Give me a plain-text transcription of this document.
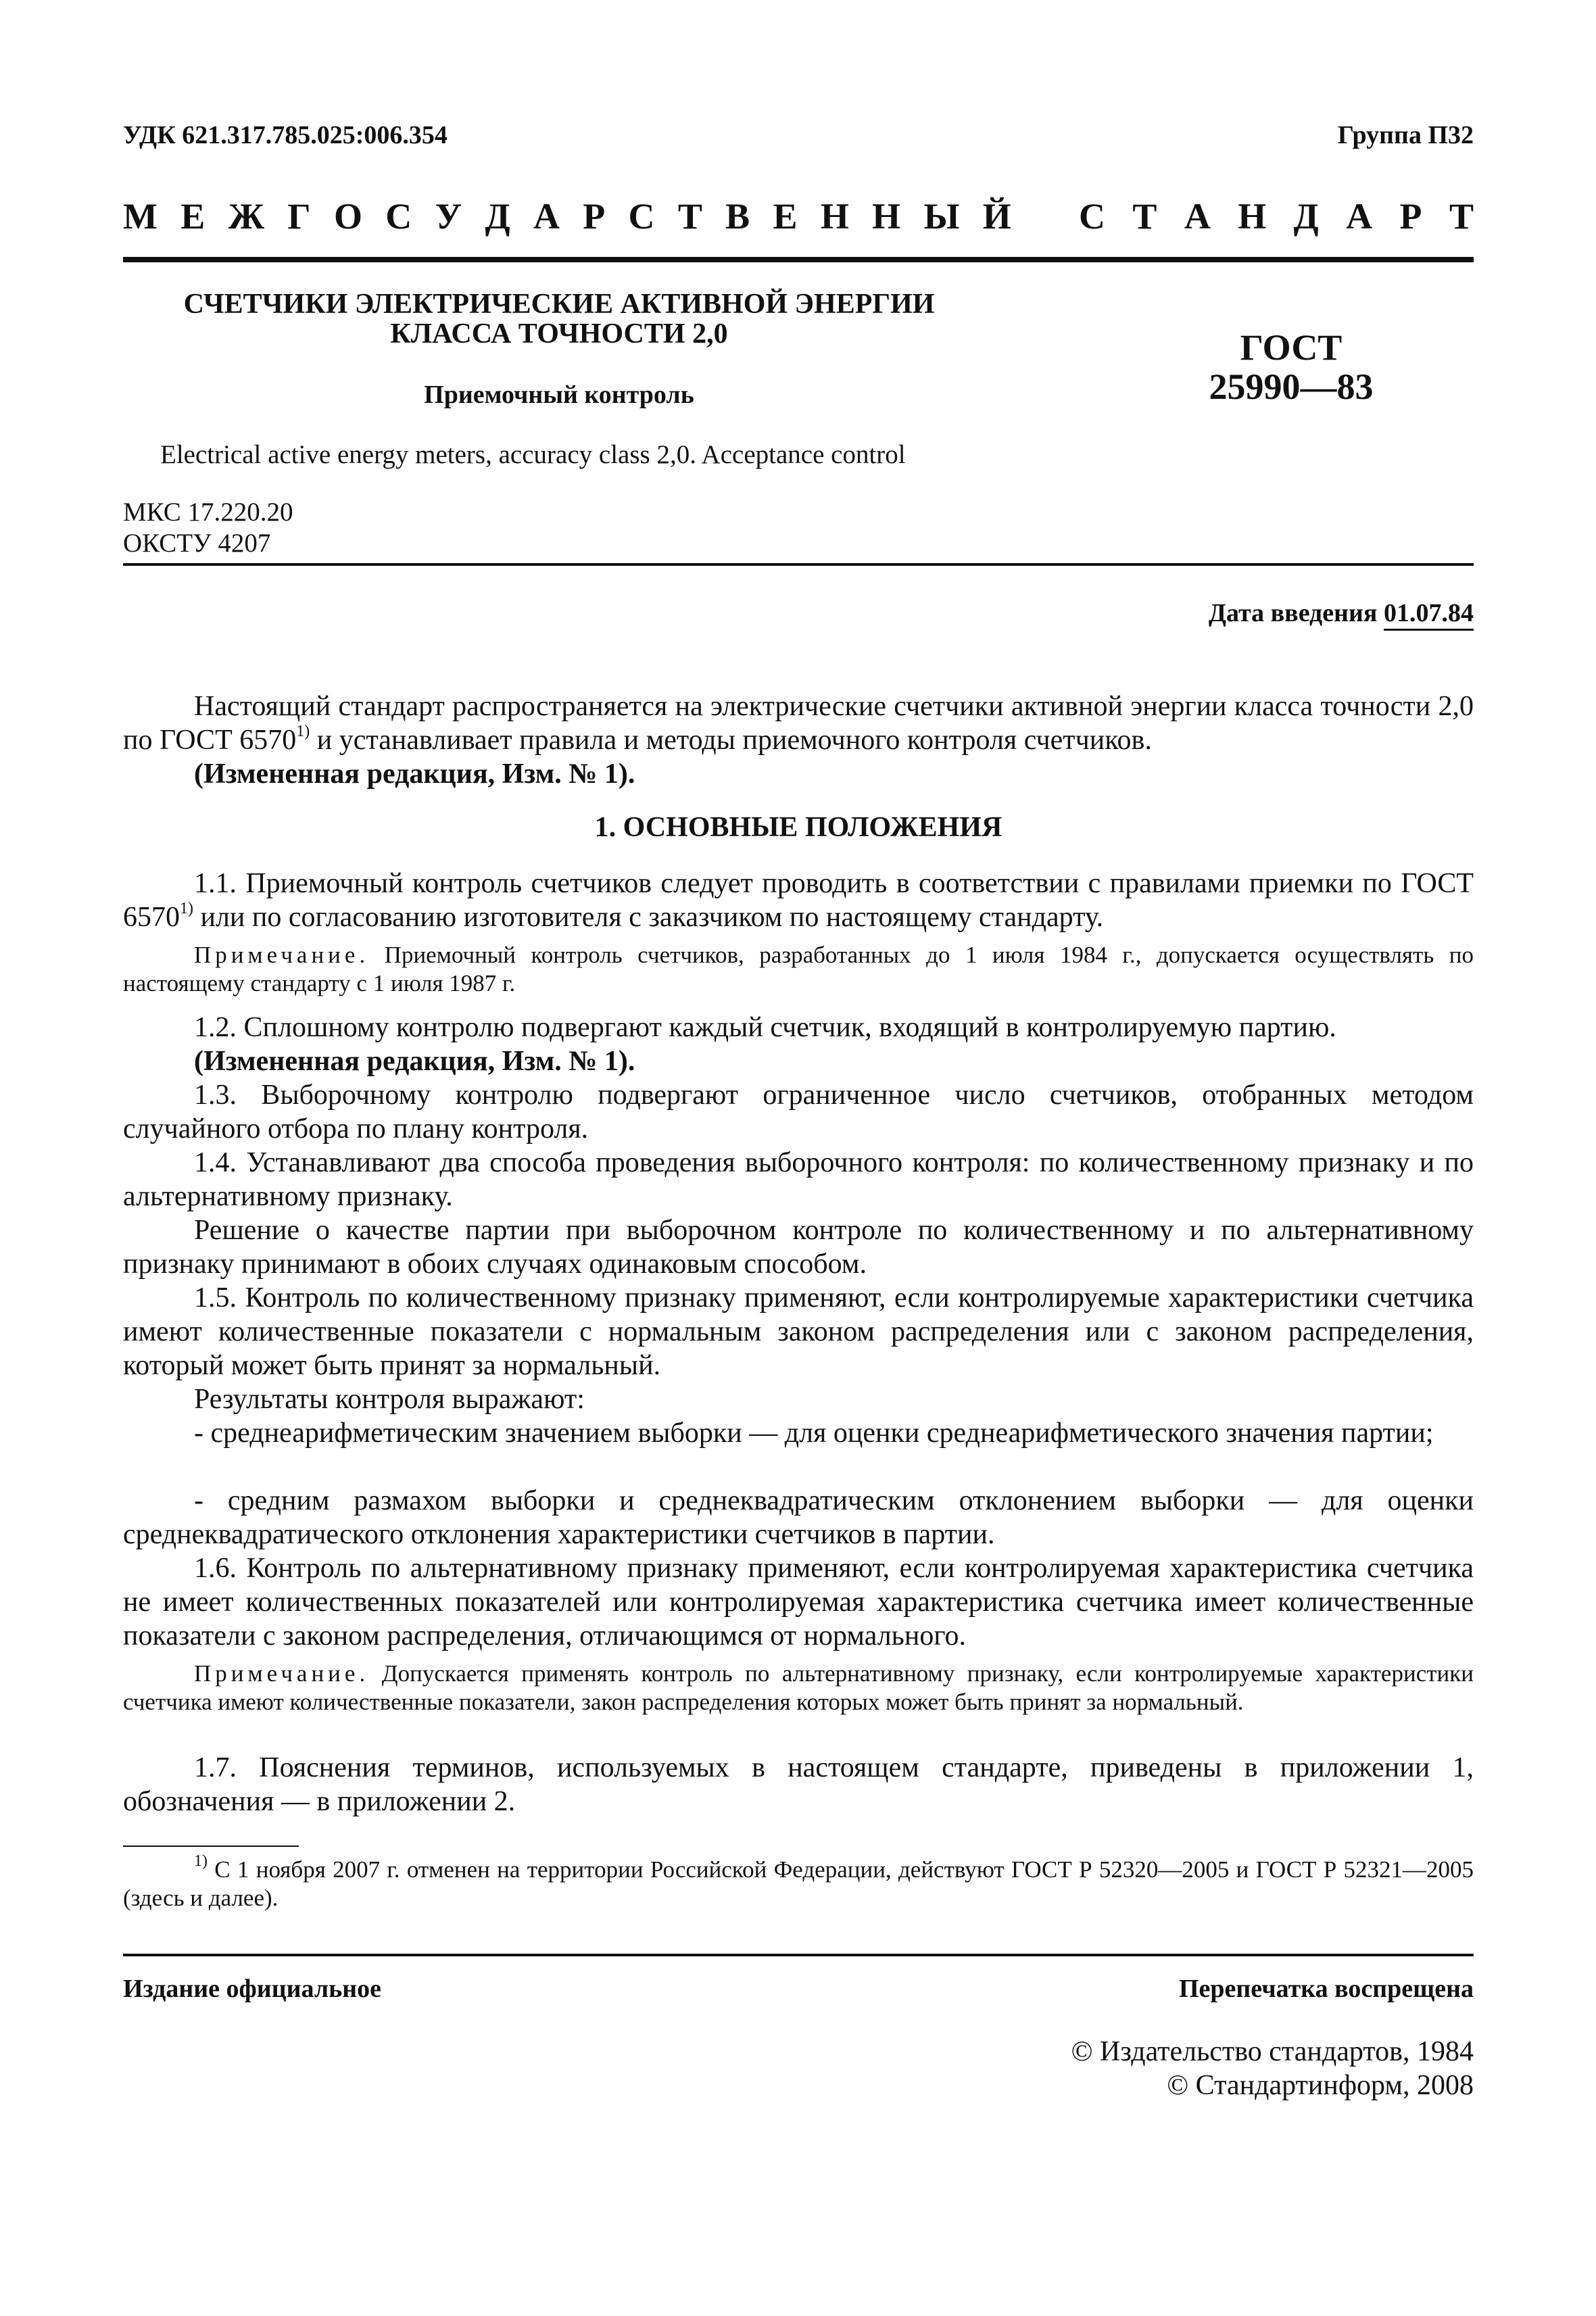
УДК 621.317.785.025:006.354	Группа П32
М Е Ж Г О С У Д А Р С Т В Е Н Н Ы Й С Т А Н Д А Р Т
СЧЕТЧИКИ ЭЛЕКТРИЧЕСКИЕ АКТИВНОЙ ЭНЕРГИИ
КЛАССА ТОЧНОСТИ 2,0
Приемочный контроль
ГОСТ
25990—83
Electrical active energy meters, accuracy class 2,0. Acceptance control
МКС 17.220.20
ОКСТУ 4207
Дата введения 01.07.84
Настоящий стандарт распространяется на электрические счетчики активной энергии класса точности 2,0 по ГОСТ 6570$^{1)}$ и устанавливает правила и методы приемочного контроля счетчиков.
(Измененная редакция, Изм. № 1).
1. ОСНОВНЫЕ ПОЛОЖЕНИЯ
1.1. Приемочный контроль счетчиков следует проводить в соответствии с правилами приемки по ГОСТ 6570$^{1)}$ или по согласованию изготовителя с заказчиком по настоящему стандарту.
Примечание. Приемочный контроль счетчиков, разработанных до 1 июля 1984 г., допускается осуществлять по настоящему стандарту с 1 июля 1987 г.
1.2. Сплошному контролю подвергают каждый счетчик, входящий в контролируемую партию.
(Измененная редакция, Изм. № 1).
1.3. Выборочному контролю подвергают ограниченное число счетчиков, отобранных методом случайного отбора по плану контроля.
1.4. Устанавливают два способа проведения выборочного контроля: по количественному признаку и по альтернативному признаку.
Решение о качестве партии при выборочном контроле по количественному и по альтернативному признаку принимают в обоих случаях одинаковым способом.
1.5. Контроль по количественному признаку применяют, если контролируемые характеристики счетчика имеют количественные показатели с нормальным законом распределения или с законом распределения, который может быть принят за нормальный.
Результаты контроля выражают:
- среднеарифметическим значением выборки — для оценки среднеарифметического значения партии;
- средним размахом выборки и среднеквадратическим отклонением выборки — для оценки среднеквадратического отклонения характеристики счетчиков в партии.
1.6. Контроль по альтернативному признаку применяют, если контролируемая характеристика счетчика не имеет количественных показателей или контролируемая характеристика счетчика имеет количественные показатели с законом распределения, отличающимся от нормального.
Примечание. Допускается применять контроль по альтернативному признаку, если контролируемые характеристики счетчика имеют количественные показатели, закон распределения которых может быть принят за нормальный.
1.7. Пояснения терминов, используемых в настоящем стандарте, приведены в приложении 1, обозначения — в приложении 2.
$^{1)}$ С 1 ноября 2007 г. отменен на территории Российской Федерации, действуют ГОСТ Р 52320—2005 и ГОСТ Р 52321—2005 (здесь и далее).
Издание официальное	Перепечатка воспрещена
© Издательство стандартов, 1984
© Стандартинформ, 2008
